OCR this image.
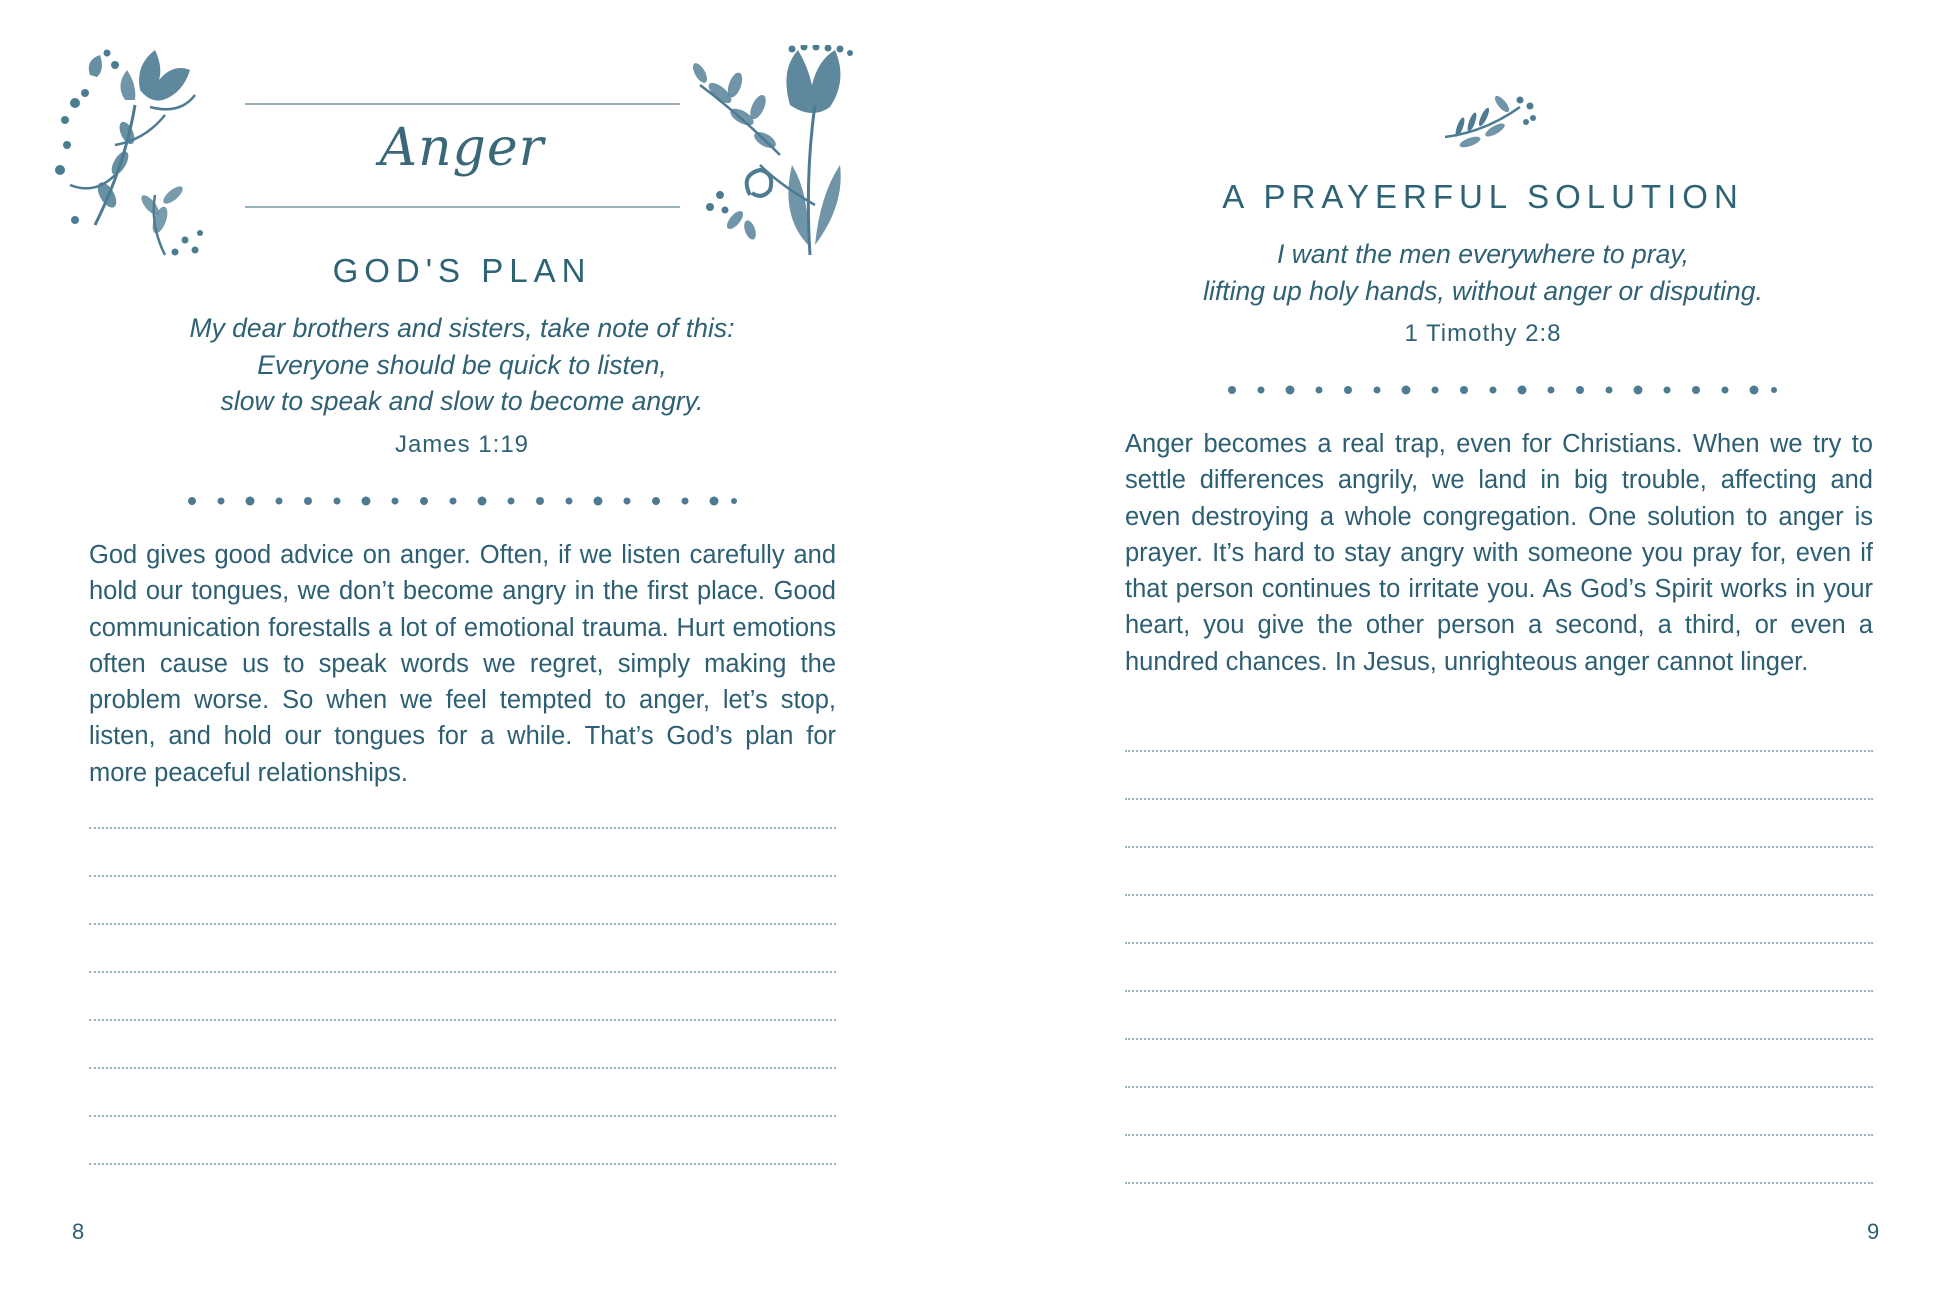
Anger
GOD'S PLAN
My dear brothers and sisters, take note of this:
Everyone should be quick to listen,
slow to speak and slow to become angry.
James 1:19
God gives good advice on anger. Often, if we listen carefully and hold our tongues, we don’t become angry in the first place. Good communication forestalls a lot of emotional trauma. Hurt emotions often cause us to speak words we regret, simply making the problem worse. So when we feel tempted to anger, let’s stop, listen, and hold our tongues for a while. That’s God’s plan for more peaceful relationships.
8
A PRAYERFUL SOLUTION
I want the men everywhere to pray,
lifting up holy hands, without anger or disputing.
1 Timothy 2:8
Anger becomes a real trap, even for Christians. When we try to settle differences angrily, we land in big trouble, affecting and even destroying a whole congregation. One solution to anger is prayer. It’s hard to stay angry with someone you pray for, even if that person continues to irritate you. As God’s Spirit works in your heart, you give the other person a second, a third, or even a hundred chances. In Jesus, unrighteous anger cannot linger.
9
